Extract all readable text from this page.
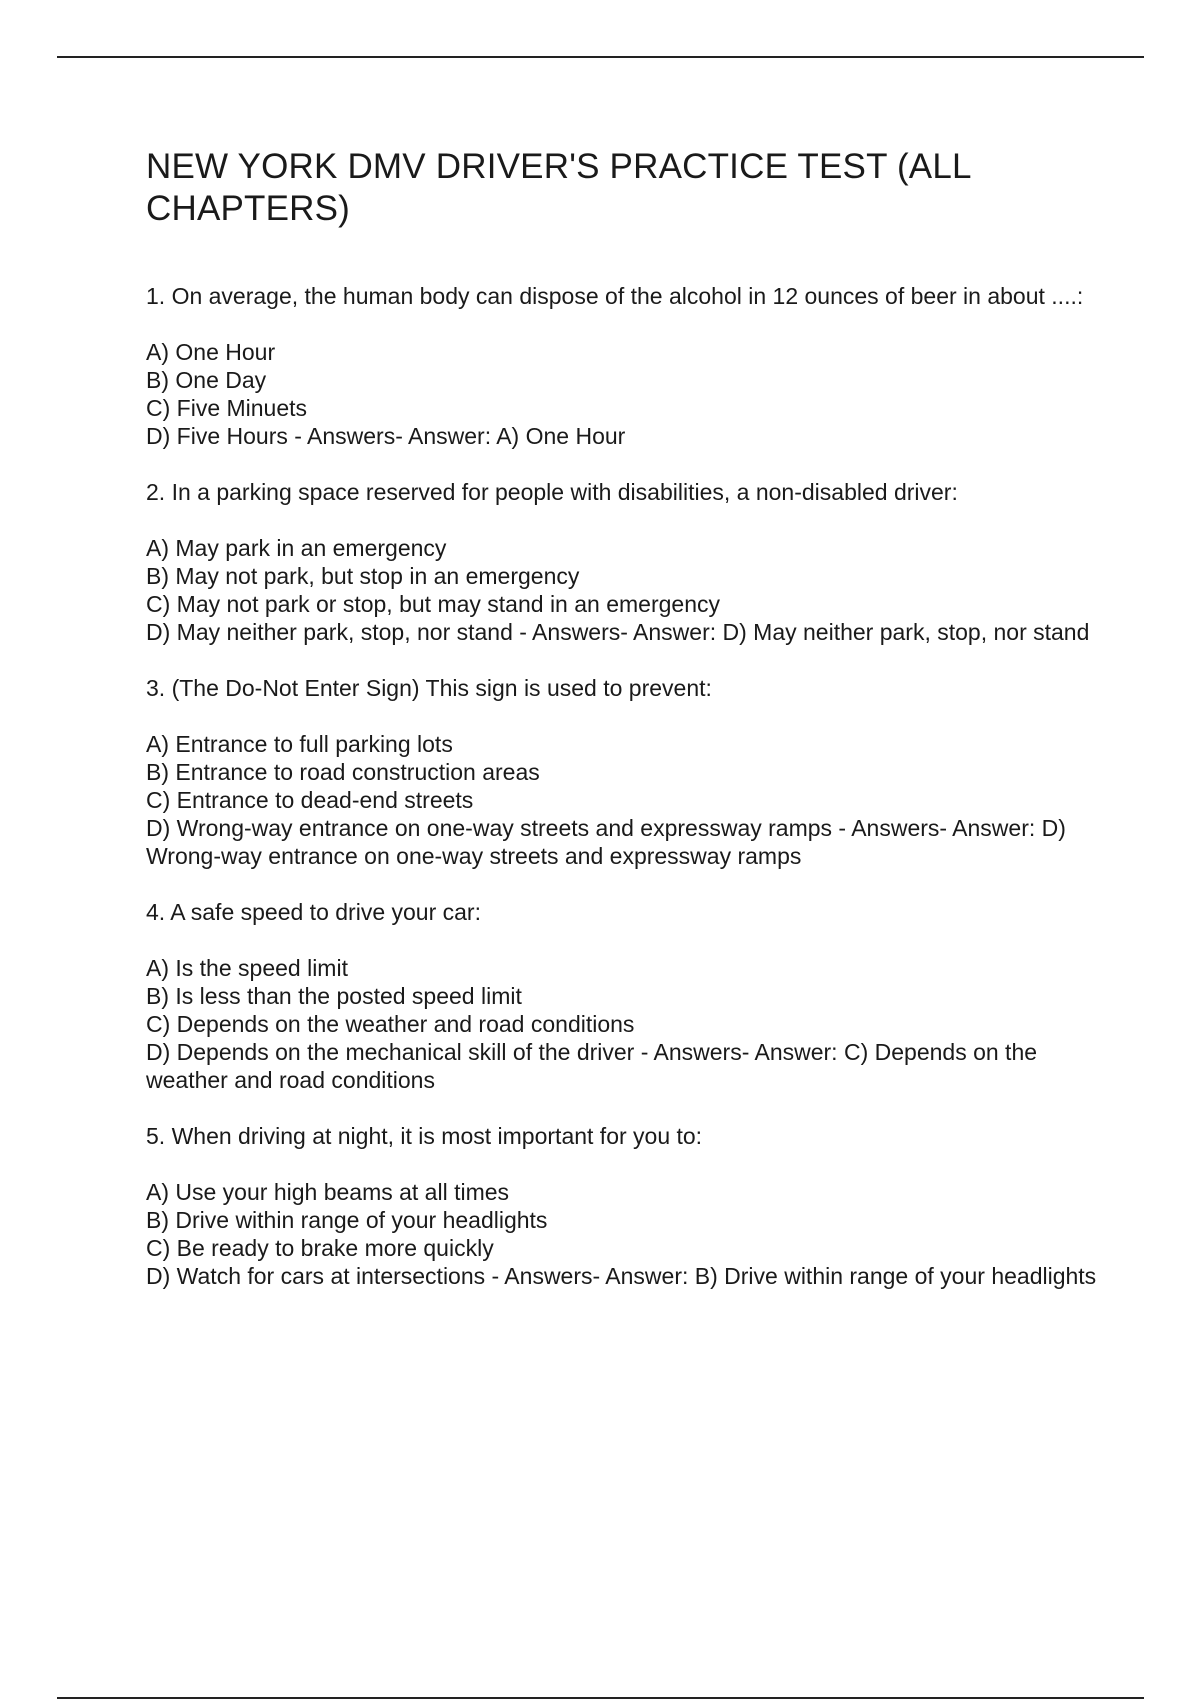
NEW YORK DMV DRIVER'S PRACTICE TEST (ALL CHAPTERS)

1. On average, the human body can dispose of the alcohol in 12 ounces of beer in about ....:

A) One Hour

B) One Day

C) Five Minuets

D) Five Hours - Answers- Answer: A) One Hour

2. In a parking space reserved for people with disabilities, a non-disabled driver:

A) May park in an emergency

B) May not park, but stop in an emergency

C) May not park or stop, but may stand in an emergency

D) May neither park, stop, nor stand - Answers- Answer: D) May neither park, stop, nor stand

3. (The Do-Not Enter Sign) This sign is used to prevent:

A) Entrance to full parking lots

B) Entrance to road construction areas

C) Entrance to dead-end streets

D) Wrong-way entrance on one-way streets and expressway ramps - Answers- Answer: D) Wrong-way entrance on one-way streets and expressway ramps

4. A safe speed to drive your car:

A) Is the speed limit

B) Is less than the posted speed limit

C) Depends on the weather and road conditions

D) Depends on the mechanical skill of the driver - Answers- Answer: C) Depends on the weather and road conditions

5. When driving at night, it is most important for you to:

A) Use your high beams at all times

B) Drive within range of your headlights

C) Be ready to brake more quickly

D) Watch for cars at intersections - Answers- Answer: B) Drive within range of your headlights
